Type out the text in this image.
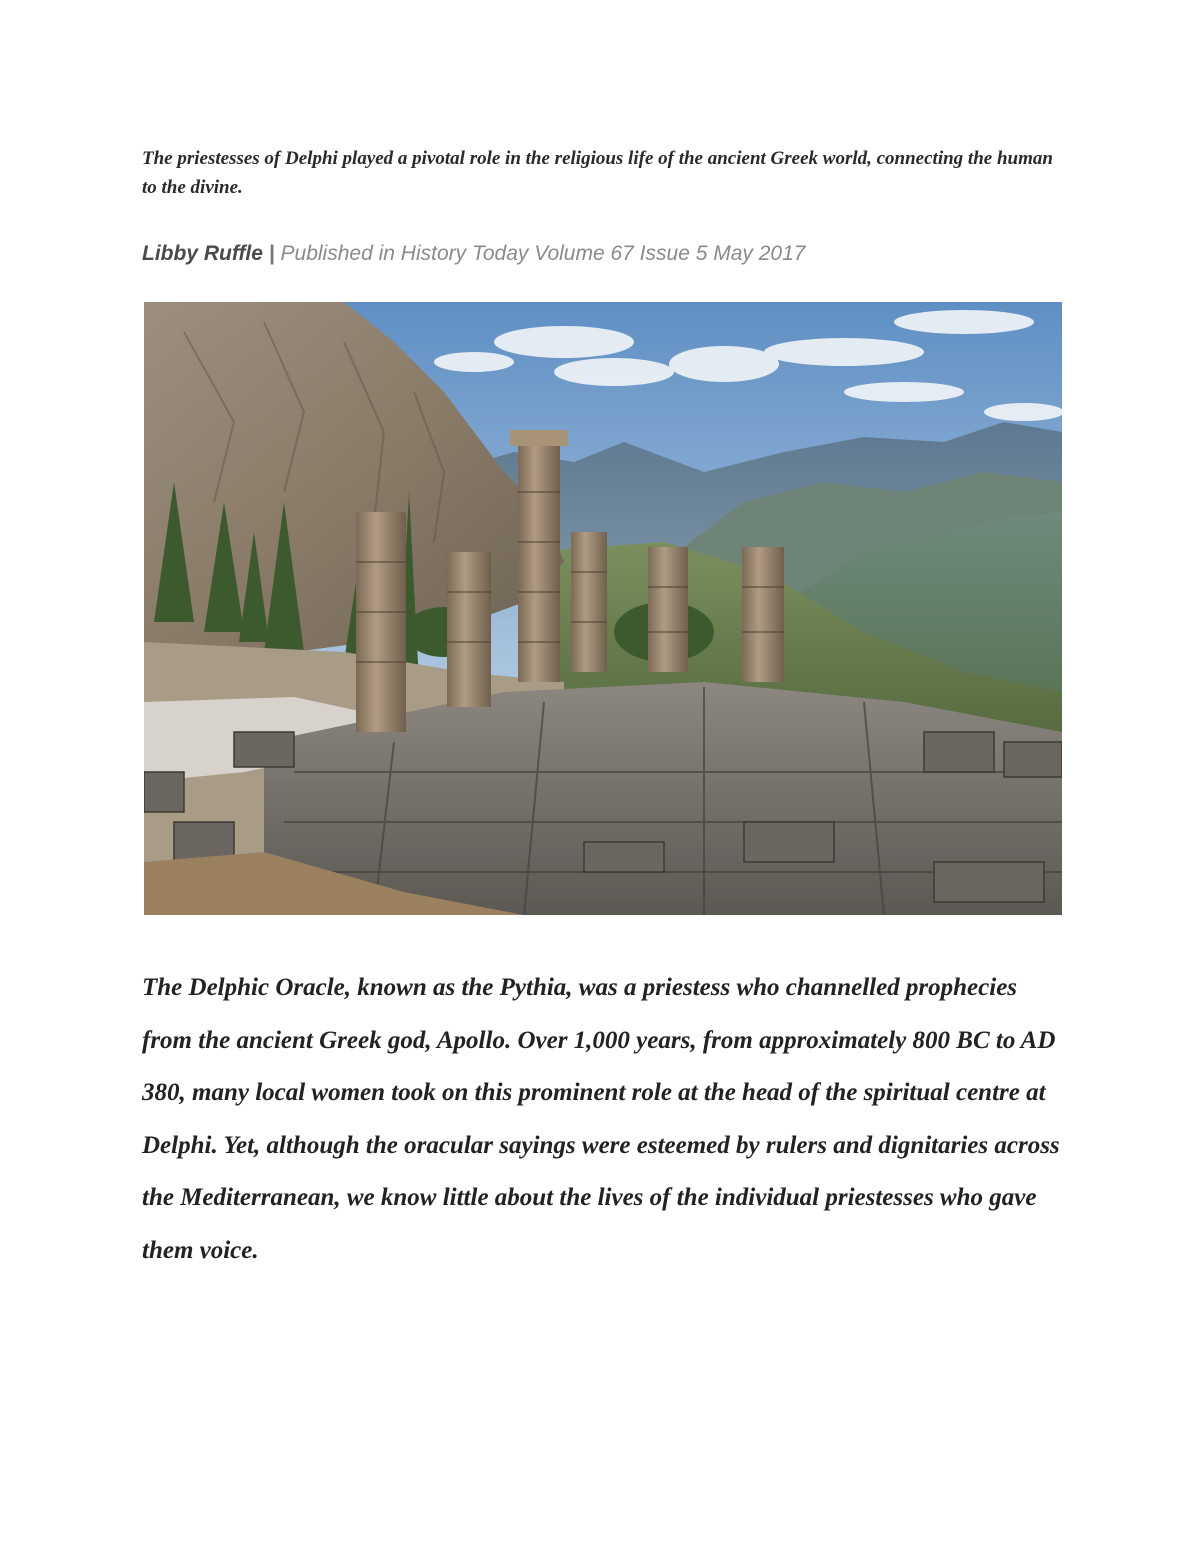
The priestesses of Delphi played a pivotal role in the religious life of the ancient Greek world, connecting the human to the divine.

Libby Ruffle | Published in History Today Volume 67 Issue 5 May 2017

The Delphic Oracle, known as the Pythia, was a priestess who channelled prophecies from the ancient Greek god, Apollo. Over 1,000 years, from approximately 800 BC to AD 380, many local women took on this prominent role at the head of the spiritual centre at Delphi. Yet, although the oracular sayings were esteemed by rulers and dignitaries across the Mediterranean, we know little about the lives of the individual priestesses who gave them voice.
